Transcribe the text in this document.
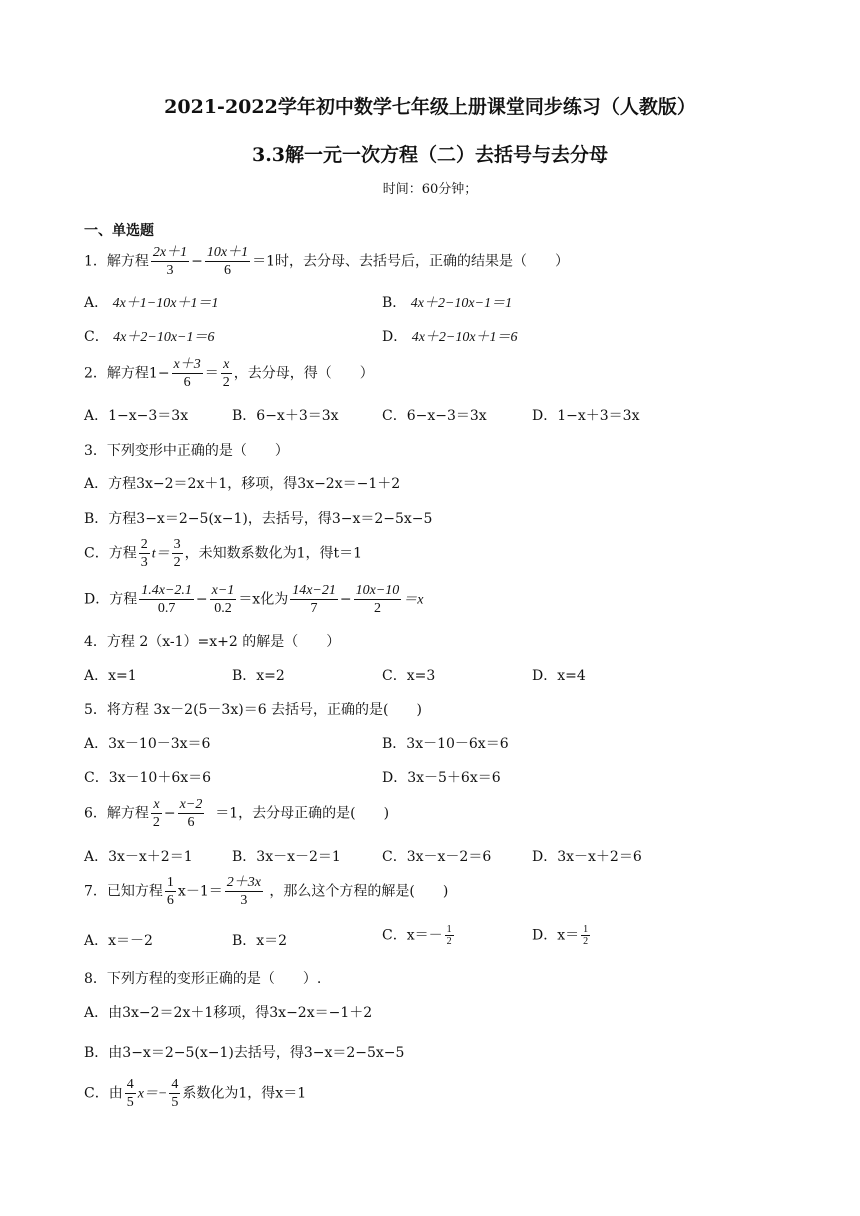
2021-2022学年初中数学七年级上册课堂同步练习（人教版）
3.3解一元一次方程（二）去括号与去分母
时间：60分钟；
一、单选题
1．解方程 $\frac{2x+1}{3} - \frac{10x+1}{6} =1$时，去分母、去括号后，正确的结果是（　　）
A． 4x＋1−10x＋1＝1	B． 4x＋2−10x−1＝1
C． 4x＋2−10x−1＝6	D． 4x＋2−10x＋1＝6
2．解方程$1- \frac{x+3}{6} = \frac{x}{2}$ ，去分母，得（　　）
A．1−x−3＝3x	B．6−x＋3＝3x	C．6−x−3＝3x	D．1−x＋3＝3x
3．下列变形中正确的是（　　）
A．方程3x−2＝2x＋1，移项，得3x−2x＝−1＋2
B．方程3−x＝2−5(x−1)，去括号，得3−x＝2−5x−5
C．方程 $\frac{2}{3} t= \frac{3}{2}$ ，未知数系数化为1，得t＝1
D．方程 $\frac{1.4x-2.1}{0.7} - \frac{x-1}{0.2} =x$化为 $\frac{14x-21}{7} - \frac{10x-10}{2} =x$
4．方程 2（x-1）=x+2 的解是（　　）
A．x=1	B．x=2	C．x=3	D．x=4
5．将方程 3x－2(5－3x)＝6 去括号，正确的是(　　)
A．3x－10－3x＝6	B．3x－10－6x＝6
C．3x－10＋6x＝6	D．3x－5＋6x＝6
6．解方程 $\frac{x}{2} - \frac{x-2}{6} =1$，去分母正确的是(　　)
A．3x－x＋2＝1	B．3x－x－2＝1	C．3x－x－2＝6	D．3x－x＋2＝6
7．已知方程 $\frac{1}{6} x-1= \frac{2+3x}{3}$ ，那么这个方程的解是(　　)
A．x＝－2	B．x＝2	C．$x=- \frac{1}{2}$	D．$x= \frac{1}{2}$
8．下列方程的变形正确的是（　　）.
A．由3x−2＝2x＋1移项，得3x−2x＝−1＋2
B．由3−x＝2−5(x−1)去括号，得3−x＝2−5x−5
C．由 $\frac{4}{5} x=- \frac{4}{5}$ 系数化为1，得x＝1
